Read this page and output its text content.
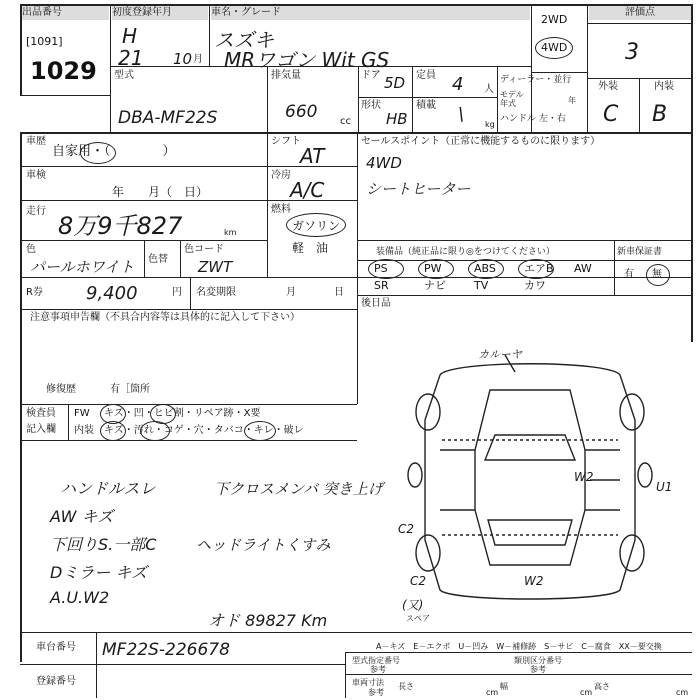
出品番号
[1091]
1029
初度登録年月
H
21 10 月
車名・グレード
スズキ
MRワゴン Wit GS
2WD
4WD
評価点
3
外装	内装
C B
型式
DBA-MF22S
排気量
660 cc
ドア 5D 定員 4 人
形状
HB
積載 \	kg
ディーラー・並行
モデル
年式	年
ハンドル 左・右
車歴
自家用・（　　　　）
シフト
AT
セールスポイント（正常に機能するものに限ります）
4WD
シートヒーター
車検
年　　月（　日）
冷房
A/C
走行
8万9千827	km
燃料
ガソリン
軽　油
色
パールホワイト 色替
色コード
ZWT
装備品（純正品に限り◎をつけてください）	新車保証書
有 無
PS	PW	ABS	エアB AW
SR	ナビ	TV	カワ
後日品
R券 9,400	円 名変期限	月	日
注意事項申告欄（不具合内容等は具体的に記入して下さい）
修復歴	有［箇所
検査員
記入欄
FW キズ・凹・ヒビ割・リペア跡・X要
内装 キズ・汚れ・コゲ・穴・タバコ・キレ・破レ
ハンドルスレ
AW キズ
下回りS.一部C
Dミラー キズ
A.U.W2
下クロスメンバ 突き上げ
ヘッドライトくすみ
カルーヤ
W2
U1
C2
C2	W2
(又)
スペア
オド 89827 Km
A－キズ　E－エクボ　U－凹み　W－補修跡　S－サビ　C－腐食　XX－要交換
車台番号 MF22S-226678
登録番号
型式指定番号
参考
類別区分番号
参考
車両寸法
参考
長さ
cm
幅
cm
高さ
cm
